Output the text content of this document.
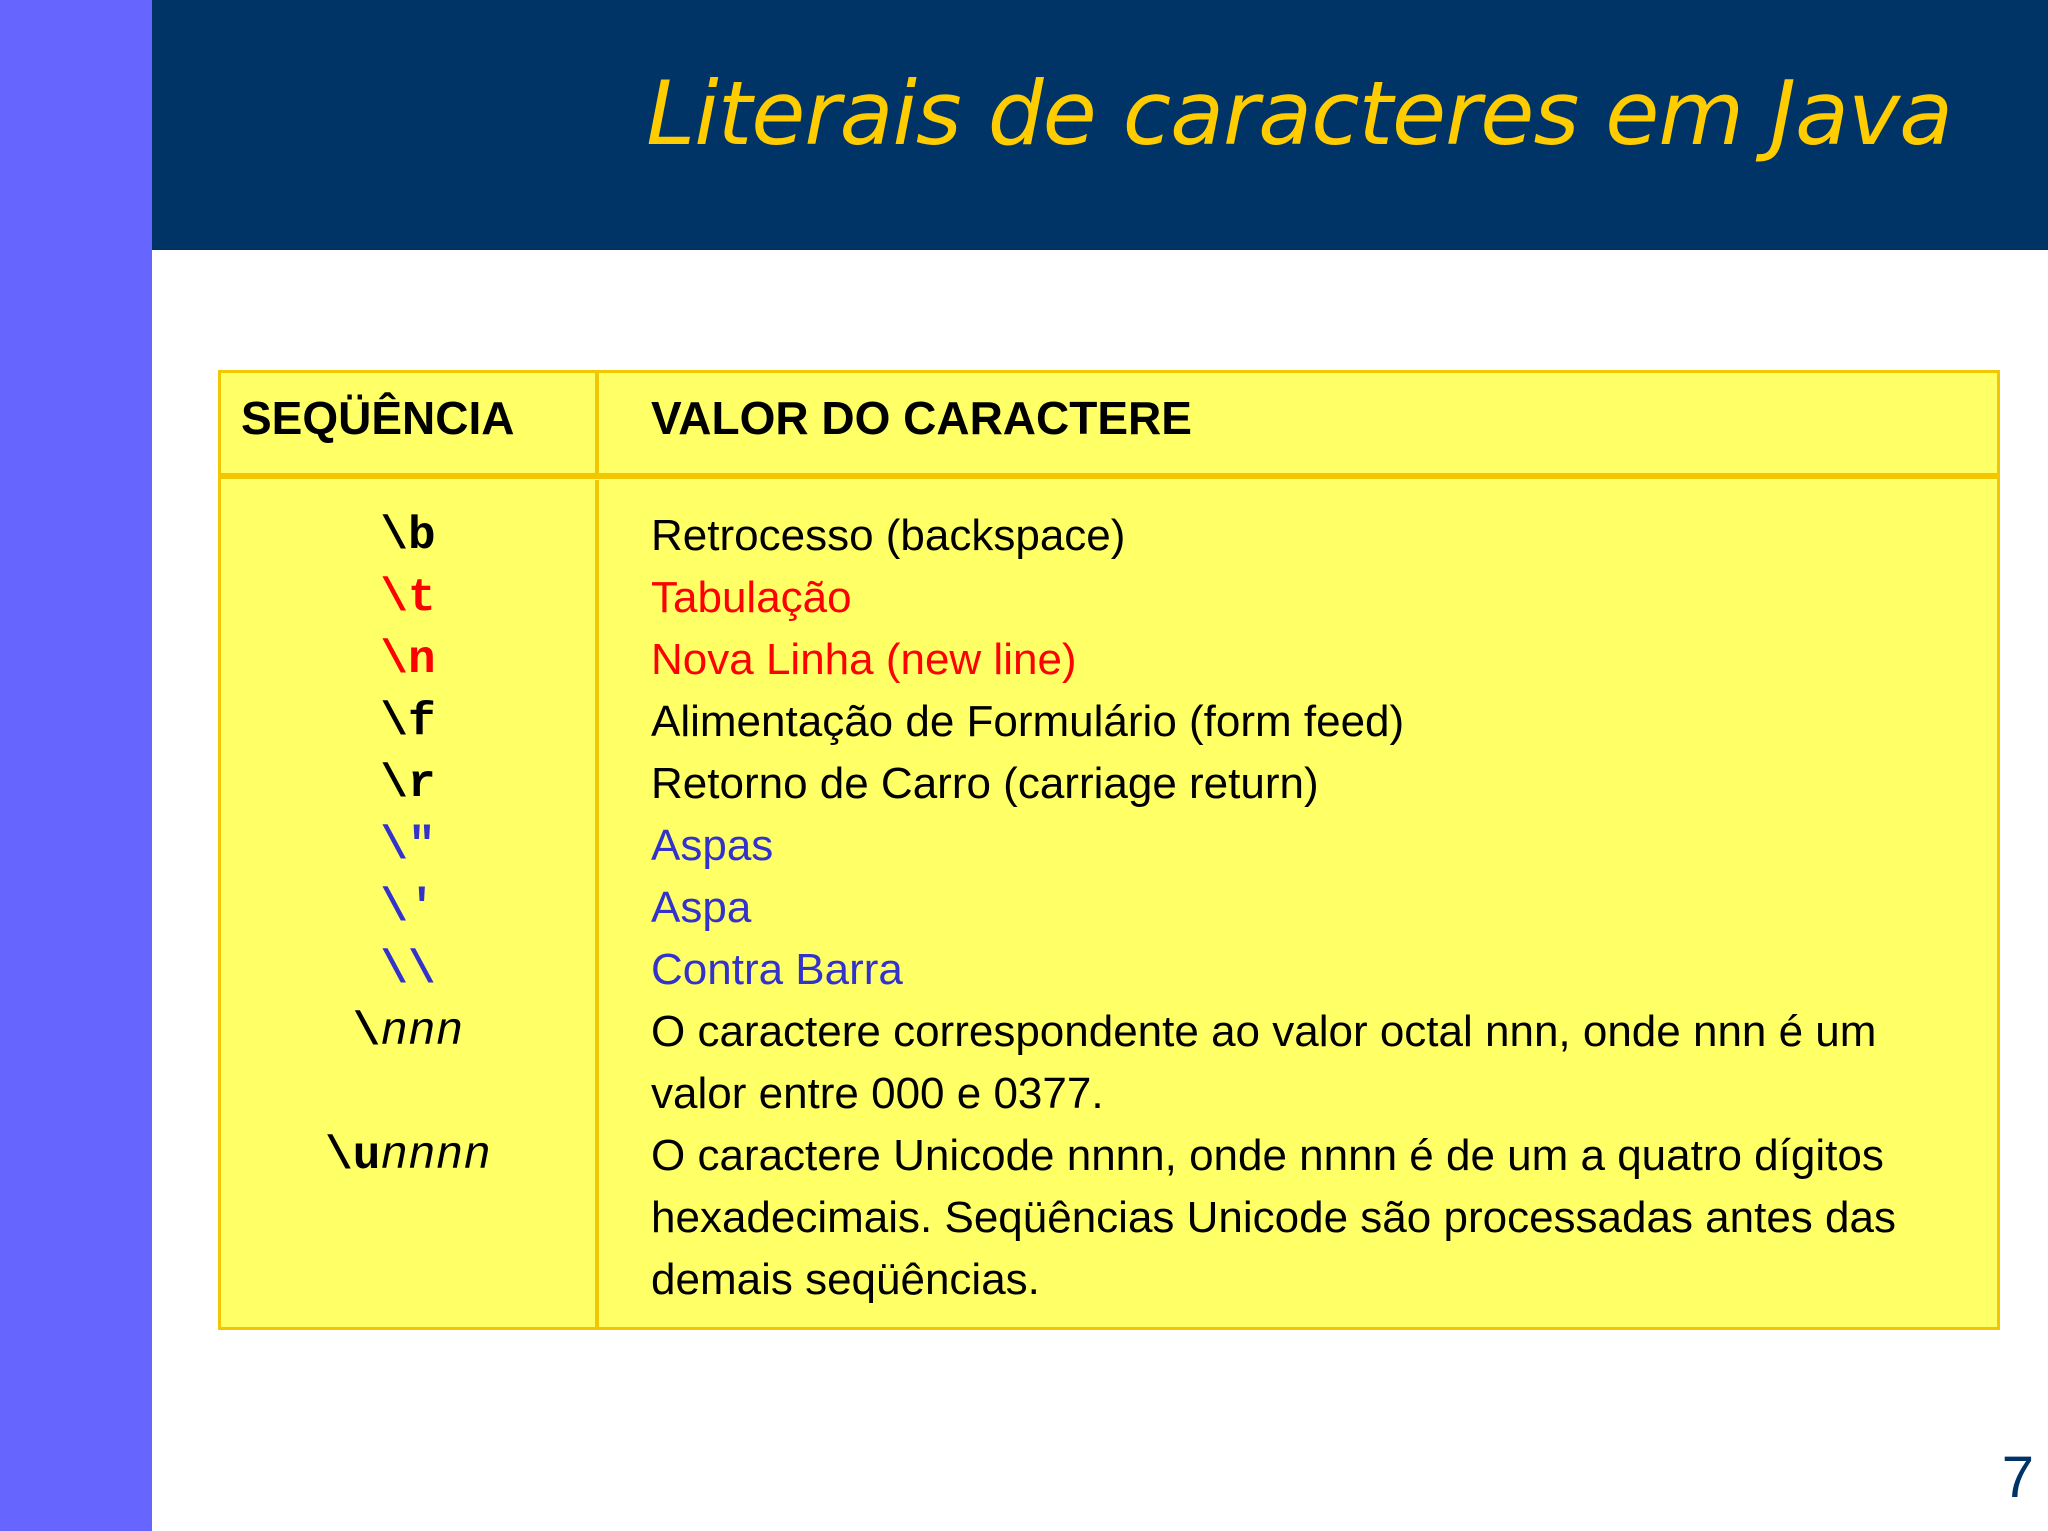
Literais de caracteres em Java
SEQÜÊNCIA	VALOR DO CARACTERE
\b	Retrocesso (backspace)
\t	Tabulação
\n	Nova Linha (new line)
\f	Alimentação de Formulário (form feed)
\r	Retorno de Carro (carriage return)
\"	Aspas
\'	Aspa
\\	Contra Barra
\nnn	O caractere correspondente ao valor octal nnn, onde nnn é um valor entre 000 e 0377.
\unnnn	O caractere Unicode nnnn, onde nnnn é de um a quatro dígitos hexadecimais. Seqüências Unicode são processadas antes das demais seqüências.
7
